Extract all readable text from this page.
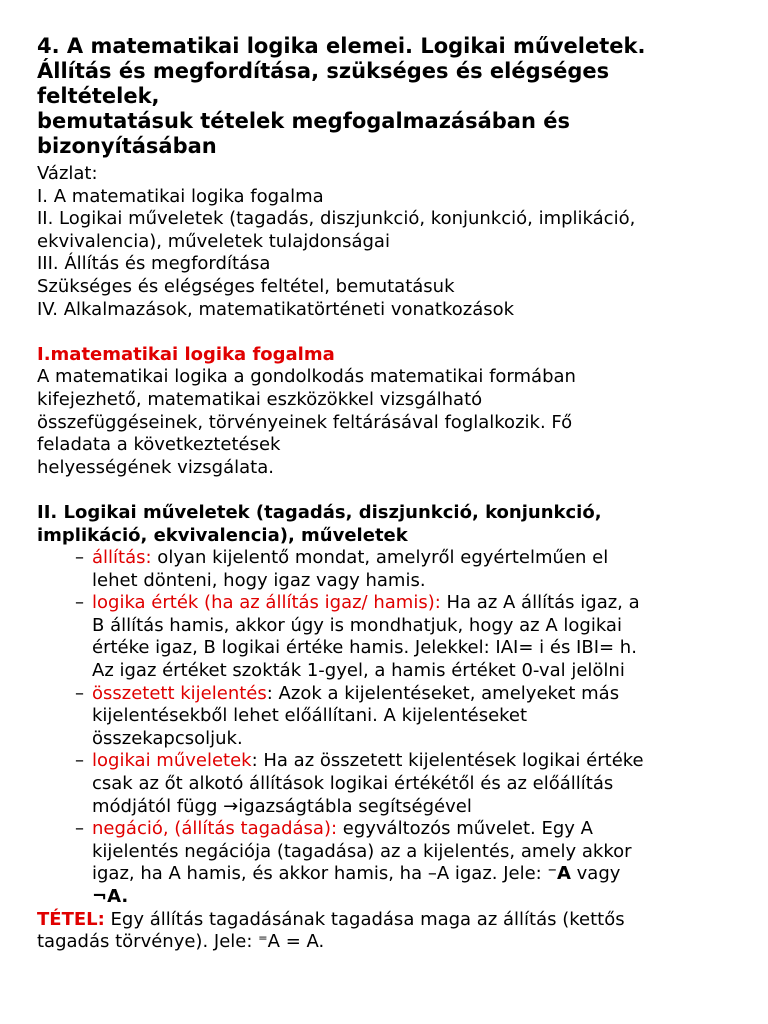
4. A matematikai logika elemei. Logikai műveletek.
Állítás és megfordítása, szükséges és elégséges
feltételek,
bemutatásuk tételek megfogalmazásában és
bizonyításában
Vázlat:
I. A matematikai logika fogalma
II. Logikai műveletek (tagadás, diszjunkció, konjunkció, implikáció,
ekvivalencia), műveletek tulajdonságai
III. Állítás és megfordítása
Szükséges és elégséges feltétel, bemutatásuk
IV. Alkalmazások, matematikatörténeti vonatkozások
I.matematikai logika fogalma
A matematikai logika a gondolkodás matematikai formában
kifejezhető, matematikai eszközökkel vizsgálható
összefüggéseinek, törvényeinek feltárásával foglalkozik. Fő
feladata a következtetések
helyességének vizsgálata.
II. Logikai műveletek (tagadás, diszjunkció, konjunkció,
implikáció, ekvivalencia), műveletek
– állítás: olyan kijelentő mondat, amelyről egyértelműen el
lehet dönteni, hogy igaz vagy hamis.
– logika érték (ha az állítás igaz/ hamis): Ha az A állítás igaz, a
B állítás hamis, akkor úgy is mondhatjuk, hogy az A logikai
értéke igaz, B logikai értéke hamis. Jelekkel: IAI= i és IBI= h.
Az igaz értéket szokták 1-gyel, a hamis értéket 0-val jelölni
– összetett kijelentés: Azok a kijelentéseket, amelyeket más
kijelentésekből lehet előállítani. A kijelentéseket
összekapcsoljuk.
– logikai műveletek: Ha az összetett kijelentések logikai értéke
csak az őt alkotó állítások logikai értékétől és az előállítás
módjától függ →igazságtábla segítségével
– negáció, (állítás tagadása): egyváltozós művelet. Egy A
kijelentés negációja (tagadása) az a kijelentés, amely akkor
igaz, ha A hamis, és akkor hamis, ha –A igaz. Jele: ⁻A vagy
¬A.
TÉTEL: Egy állítás tagadásának tagadása maga az állítás (kettős
tagadás törvénye). Jele: ⁼A = A.
